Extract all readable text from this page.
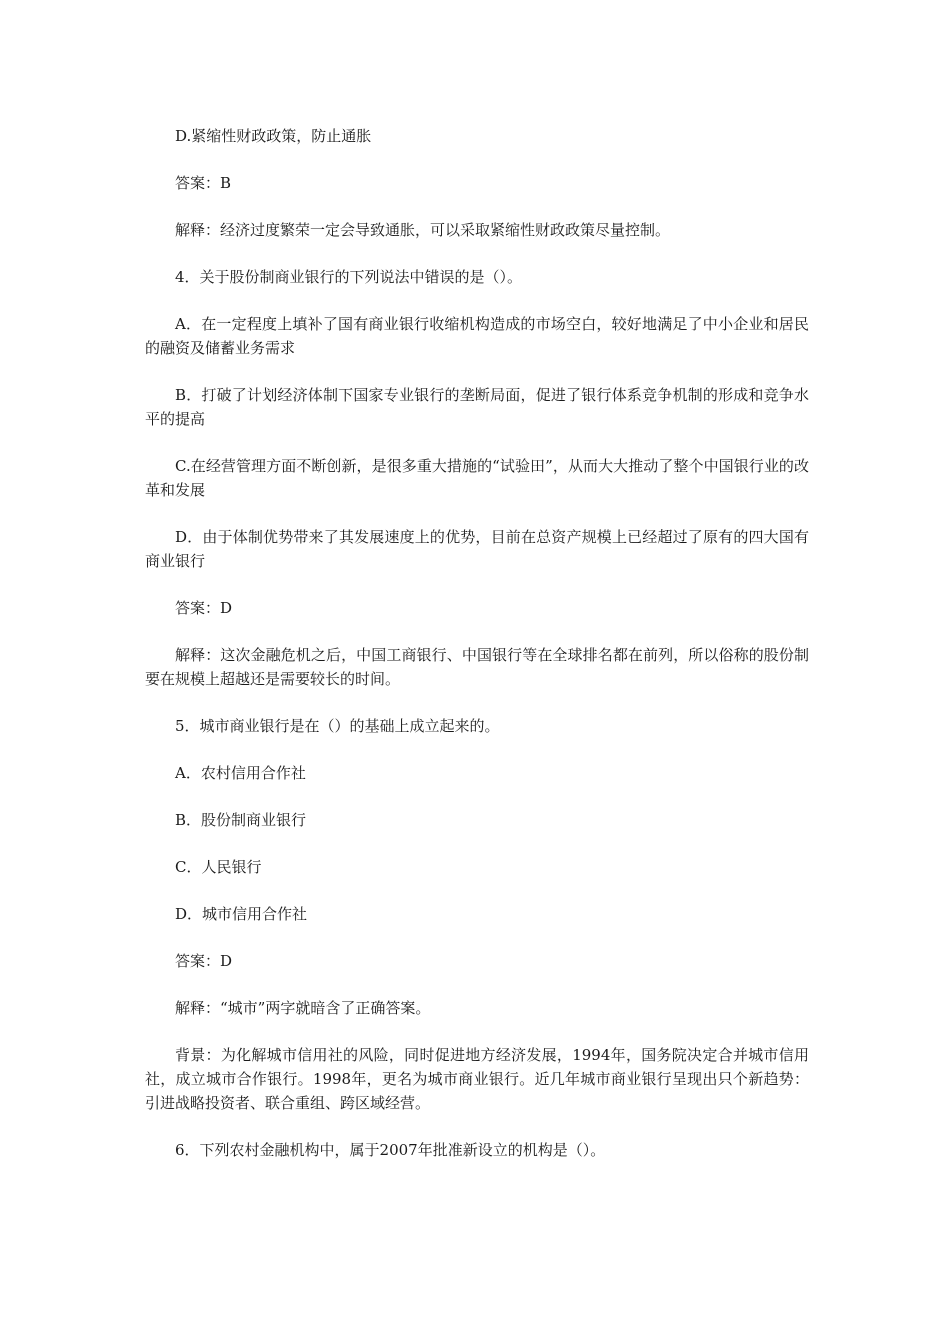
D.紧缩性财政政策，防止通胀

答案：B

解释：经济过度繁荣一定会导致通胀，可以采取紧缩性财政政策尽量控制。

4．关于股份制商业银行的下列说法中错误的是（）。

A．在一定程度上填补了国有商业银行收缩机构造成的市场空白，较好地满足了中小企业和居民的融资及储蓄业务需求

B．打破了计划经济体制下国家专业银行的垄断局面，促进了银行体系竞争机制的形成和竞争水平的提高

C.在经营管理方面不断创新，是很多重大措施的“试验田”，从而大大推动了整个中国银行业的改革和发展

D．由于体制优势带来了其发展速度上的优势，目前在总资产规模上已经超过了原有的四大国有商业银行

答案：D

解释：这次金融危机之后，中国工商银行、中国银行等在全球排名都在前列，所以俗称的股份制要在规模上超越还是需要较长的时间。

5．城市商业银行是在（）的基础上成立起来的。

A．农村信用合作社

B．股份制商业银行

C．人民银行

D．城市信用合作社

答案：D

解释：“城市”两字就暗含了正确答案。

背景：为化解城市信用社的风险，同时促进地方经济发展，1994年，国务院决定合并城市信用社，成立城市合作银行。1998年，更名为城市商业银行。近几年城市商业银行呈现出只个新趋势：引进战略投资者、联合重组、跨区域经营。

6．下列农村金融机构中，属于2007年批准新设立的机构是（）。
